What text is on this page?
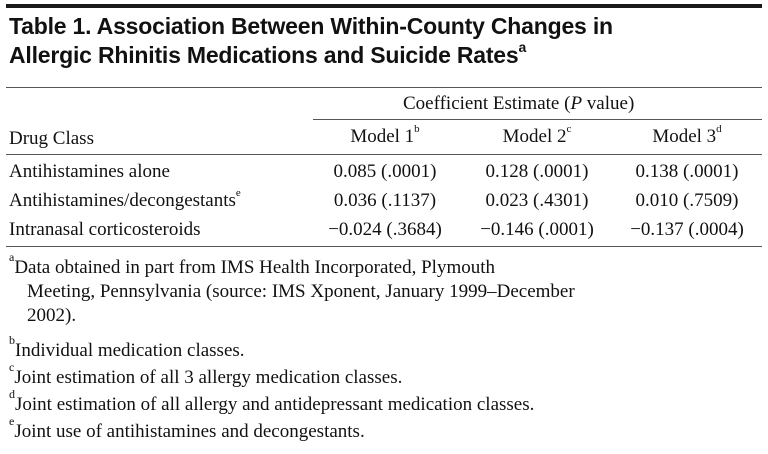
Table 1. Association Between Within-County Changes in
Allergic Rhinitis Medications and Suicide Rates$^a$
Coefficient Estimate (P value)
Drug Class	Model 1$^b$	Model 2$^c$	Model 3$^d$
Antihistamines alone	0.085 (.0001)	0.128 (.0001)	0.138 (.0001)
Antihistamines/decongestants$^e$	0.036 (.1137)	0.023 (.4301)	0.010 (.7509)
Intranasal corticosteroids	−0.024 (.3684)	−0.146 (.0001)	−0.137 (.0004)
$^a$Data obtained in part from IMS Health Incorporated, Plymouth
Meeting, Pennsylvania (source: IMS Xponent, January 1999–December
2002).
$^b$Individual medication classes.
$^c$Joint estimation of all 3 allergy medication classes.
$^d$Joint estimation of all allergy and antidepressant medication classes.
$^e$Joint use of antihistamines and decongestants.
